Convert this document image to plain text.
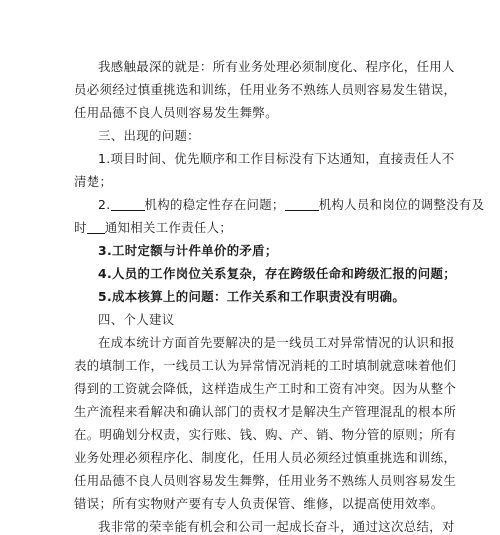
我感触最深的就是：所有业务处理必须制度化、程序化，任用人
员必须经过慎重挑选和训练，任用业务不熟练人员则容易发生错误，
任用品德不良人员则容易发生舞弊。
三、出现的问题：
1.项目时间、优先顺序和工作目标没有下达通知，直接责任人不
清楚；
2.	机构的稳定性存在问题；	机构人员和岗位的调整没有及
时 通知相关工作责任人；
3.工时定额与计件单价的矛盾；
4.人员的工作岗位关系复杂，存在跨级任命和跨级汇报的问题；
5.成本核算上的问题：工作关系和工作职责没有明确。
四、个人建议
在成本统计方面首先要解决的是一线员工对异常情况的认识和报
表的填制工作，一线员工认为异常情况消耗的工时填制就意味着他们
得到的工资就会降低，这样造成生产工时和工资有冲突。因为从整个
生产流程来看解决和确认部门的责权才是解决生产管理混乱的根本所
在。明确划分权责，实行账、钱、购、产、销、物分管的原则；所有
业务处理必须程序化、制度化，任用人员必须经过慎重挑选和训练，
任用品德不良人员则容易发生舞弊，任用业务不熟练人员则容易发生
错误；所有实物财产要有专人负责保管、维修，以提高使用效率。
我非常的荣幸能有机会和公司一起成长奋斗，通过这次总结，对
